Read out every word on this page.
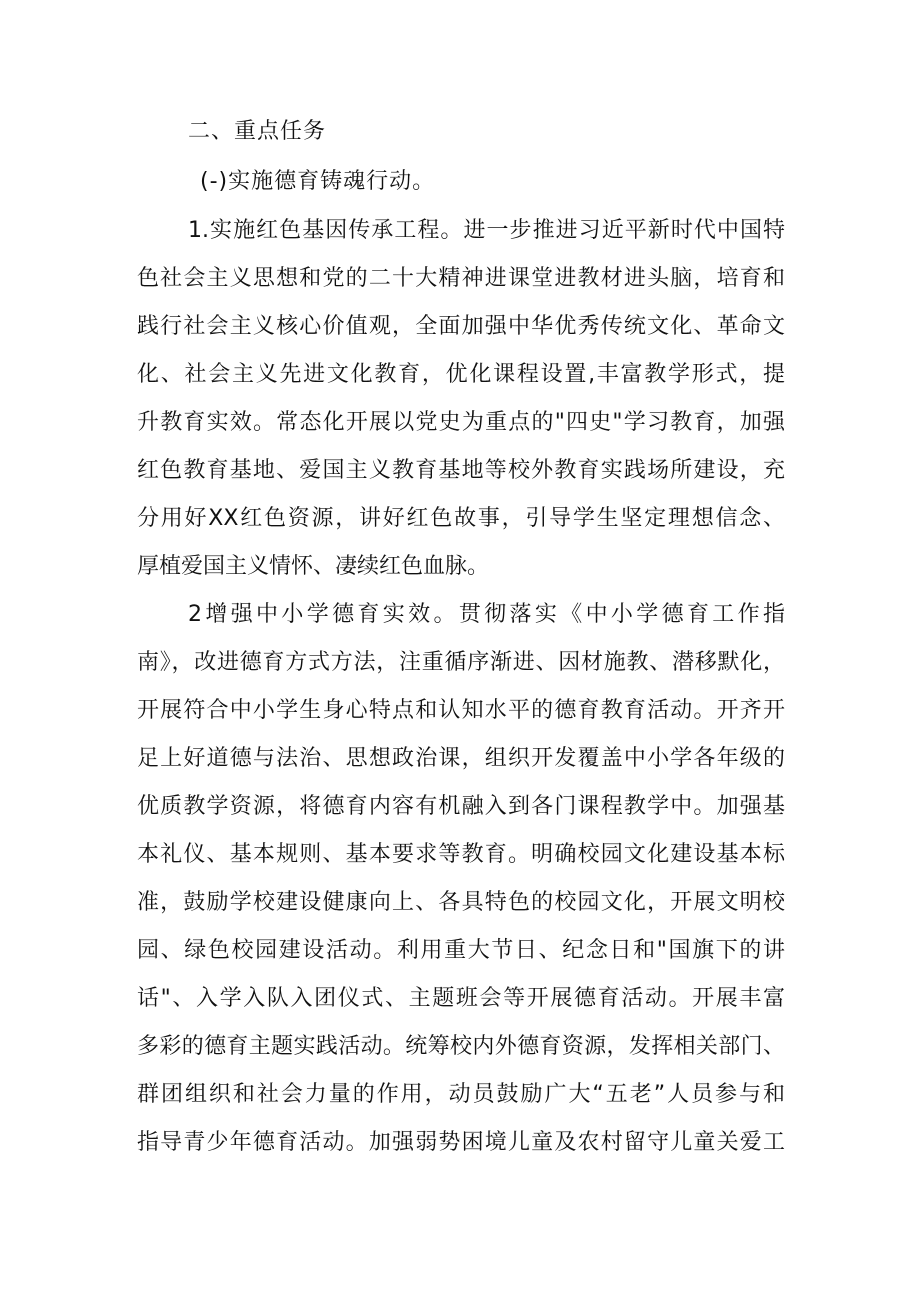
二、重点任务
(-)实施德育铸魂行动。
1.实施红色基因传承工程。进一步推进习近平新时代中国特
色社会主义思想和党的二十大精神进课堂进教材进头脑，培育和
践行社会主义核心价值观，全面加强中华优秀传统文化、革命文
化、社会主义先进文化教育，优化课程设置,丰富教学形式，提
升教育实效。常态化开展以党史为重点的"四史"学习教育，加强
红色教育基地、爱国主义教育基地等校外教育实践场所建设，充
分用好XX红色资源，讲好红色故事，引导学生坚定理想信念、
厚植爱国主义情怀、凄续红色血脉。
2增强中小学德育实效。贯彻落实《中小学德育工作指
南》，改进德育方式方法，注重循序渐进、因材施教、潜移默化，
开展符合中小学生身心特点和认知水平的德育教育活动。开齐开
足上好道德与法治、思想政治课，组织开发覆盖中小学各年级的
优质教学资源，将德育内容有机融入到各门课程教学中。加强基
本礼仪、基本规则、基本要求等教育。明确校园文化建设基本标
准，鼓励学校建设健康向上、各具特色的校园文化，开展文明校
园、绿色校园建设活动。利用重大节日、纪念日和"国旗下的讲
话"、入学入队入团仪式、主题班会等开展德育活动。开展丰富
多彩的德育主题实践活动。统筹校内外德育资源，发挥相关部门、
群团组织和社会力量的作用，动员鼓励广大“五老”人员参与和
指导青少年德育活动。加强弱势困境儿童及农村留守儿童关爱工
